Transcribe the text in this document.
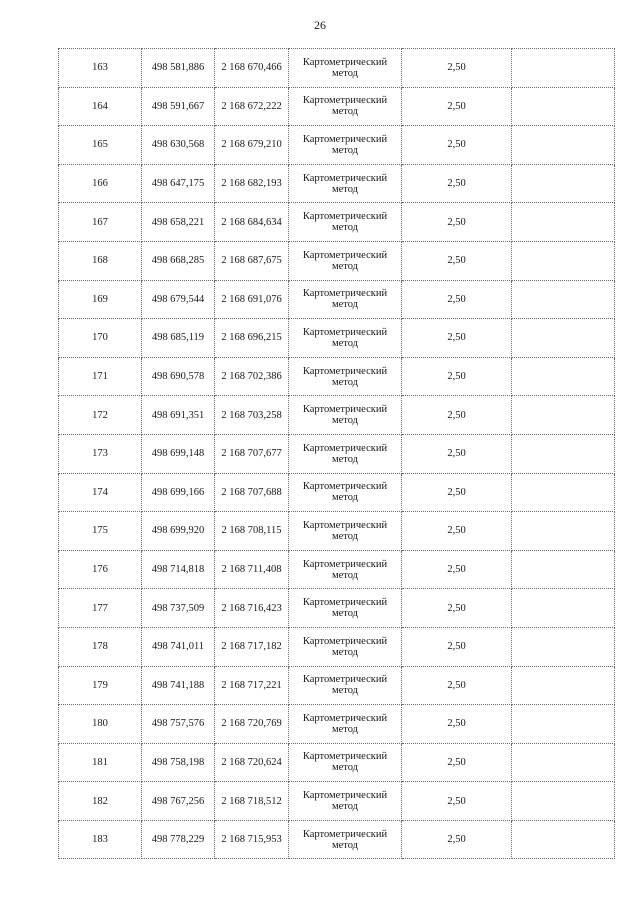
26
163	498 581,886	2 168 670,466	Картометрический метод	2,50	
164	498 591,667	2 168 672,222	Картометрический метод	2,50	
165	498 630,568	2 168 679,210	Картометрический метод	2,50	
166	498 647,175	2 168 682,193	Картометрический метод	2,50	
167	498 658,221	2 168 684,634	Картометрический метод	2,50	
168	498 668,285	2 168 687,675	Картометрический метод	2,50	
169	498 679,544	2 168 691,076	Картометрический метод	2,50	
170	498 685,119	2 168 696,215	Картометрический метод	2,50	
171	498 690,578	2 168 702,386	Картометрический метод	2,50	
172	498 691,351	2 168 703,258	Картометрический метод	2,50	
173	498 699,148	2 168 707,677	Картометрический метод	2,50	
174	498 699,166	2 168 707,688	Картометрический метод	2,50	
175	498 699,920	2 168 708,115	Картометрический метод	2,50	
176	498 714,818	2 168 711,408	Картометрический метод	2,50	
177	498 737,509	2 168 716,423	Картометрический метод	2,50	
178	498 741,011	2 168 717,182	Картометрический метод	2,50	
179	498 741,188	2 168 717,221	Картометрический метод	2,50	
180	498 757,576	2 168 720,769	Картометрический метод	2,50	
181	498 758,198	2 168 720,624	Картометрический метод	2,50	
182	498 767,256	2 168 718,512	Картометрический метод	2,50	
183	498 778,229	2 168 715,953	Картометрический метод	2,50	
